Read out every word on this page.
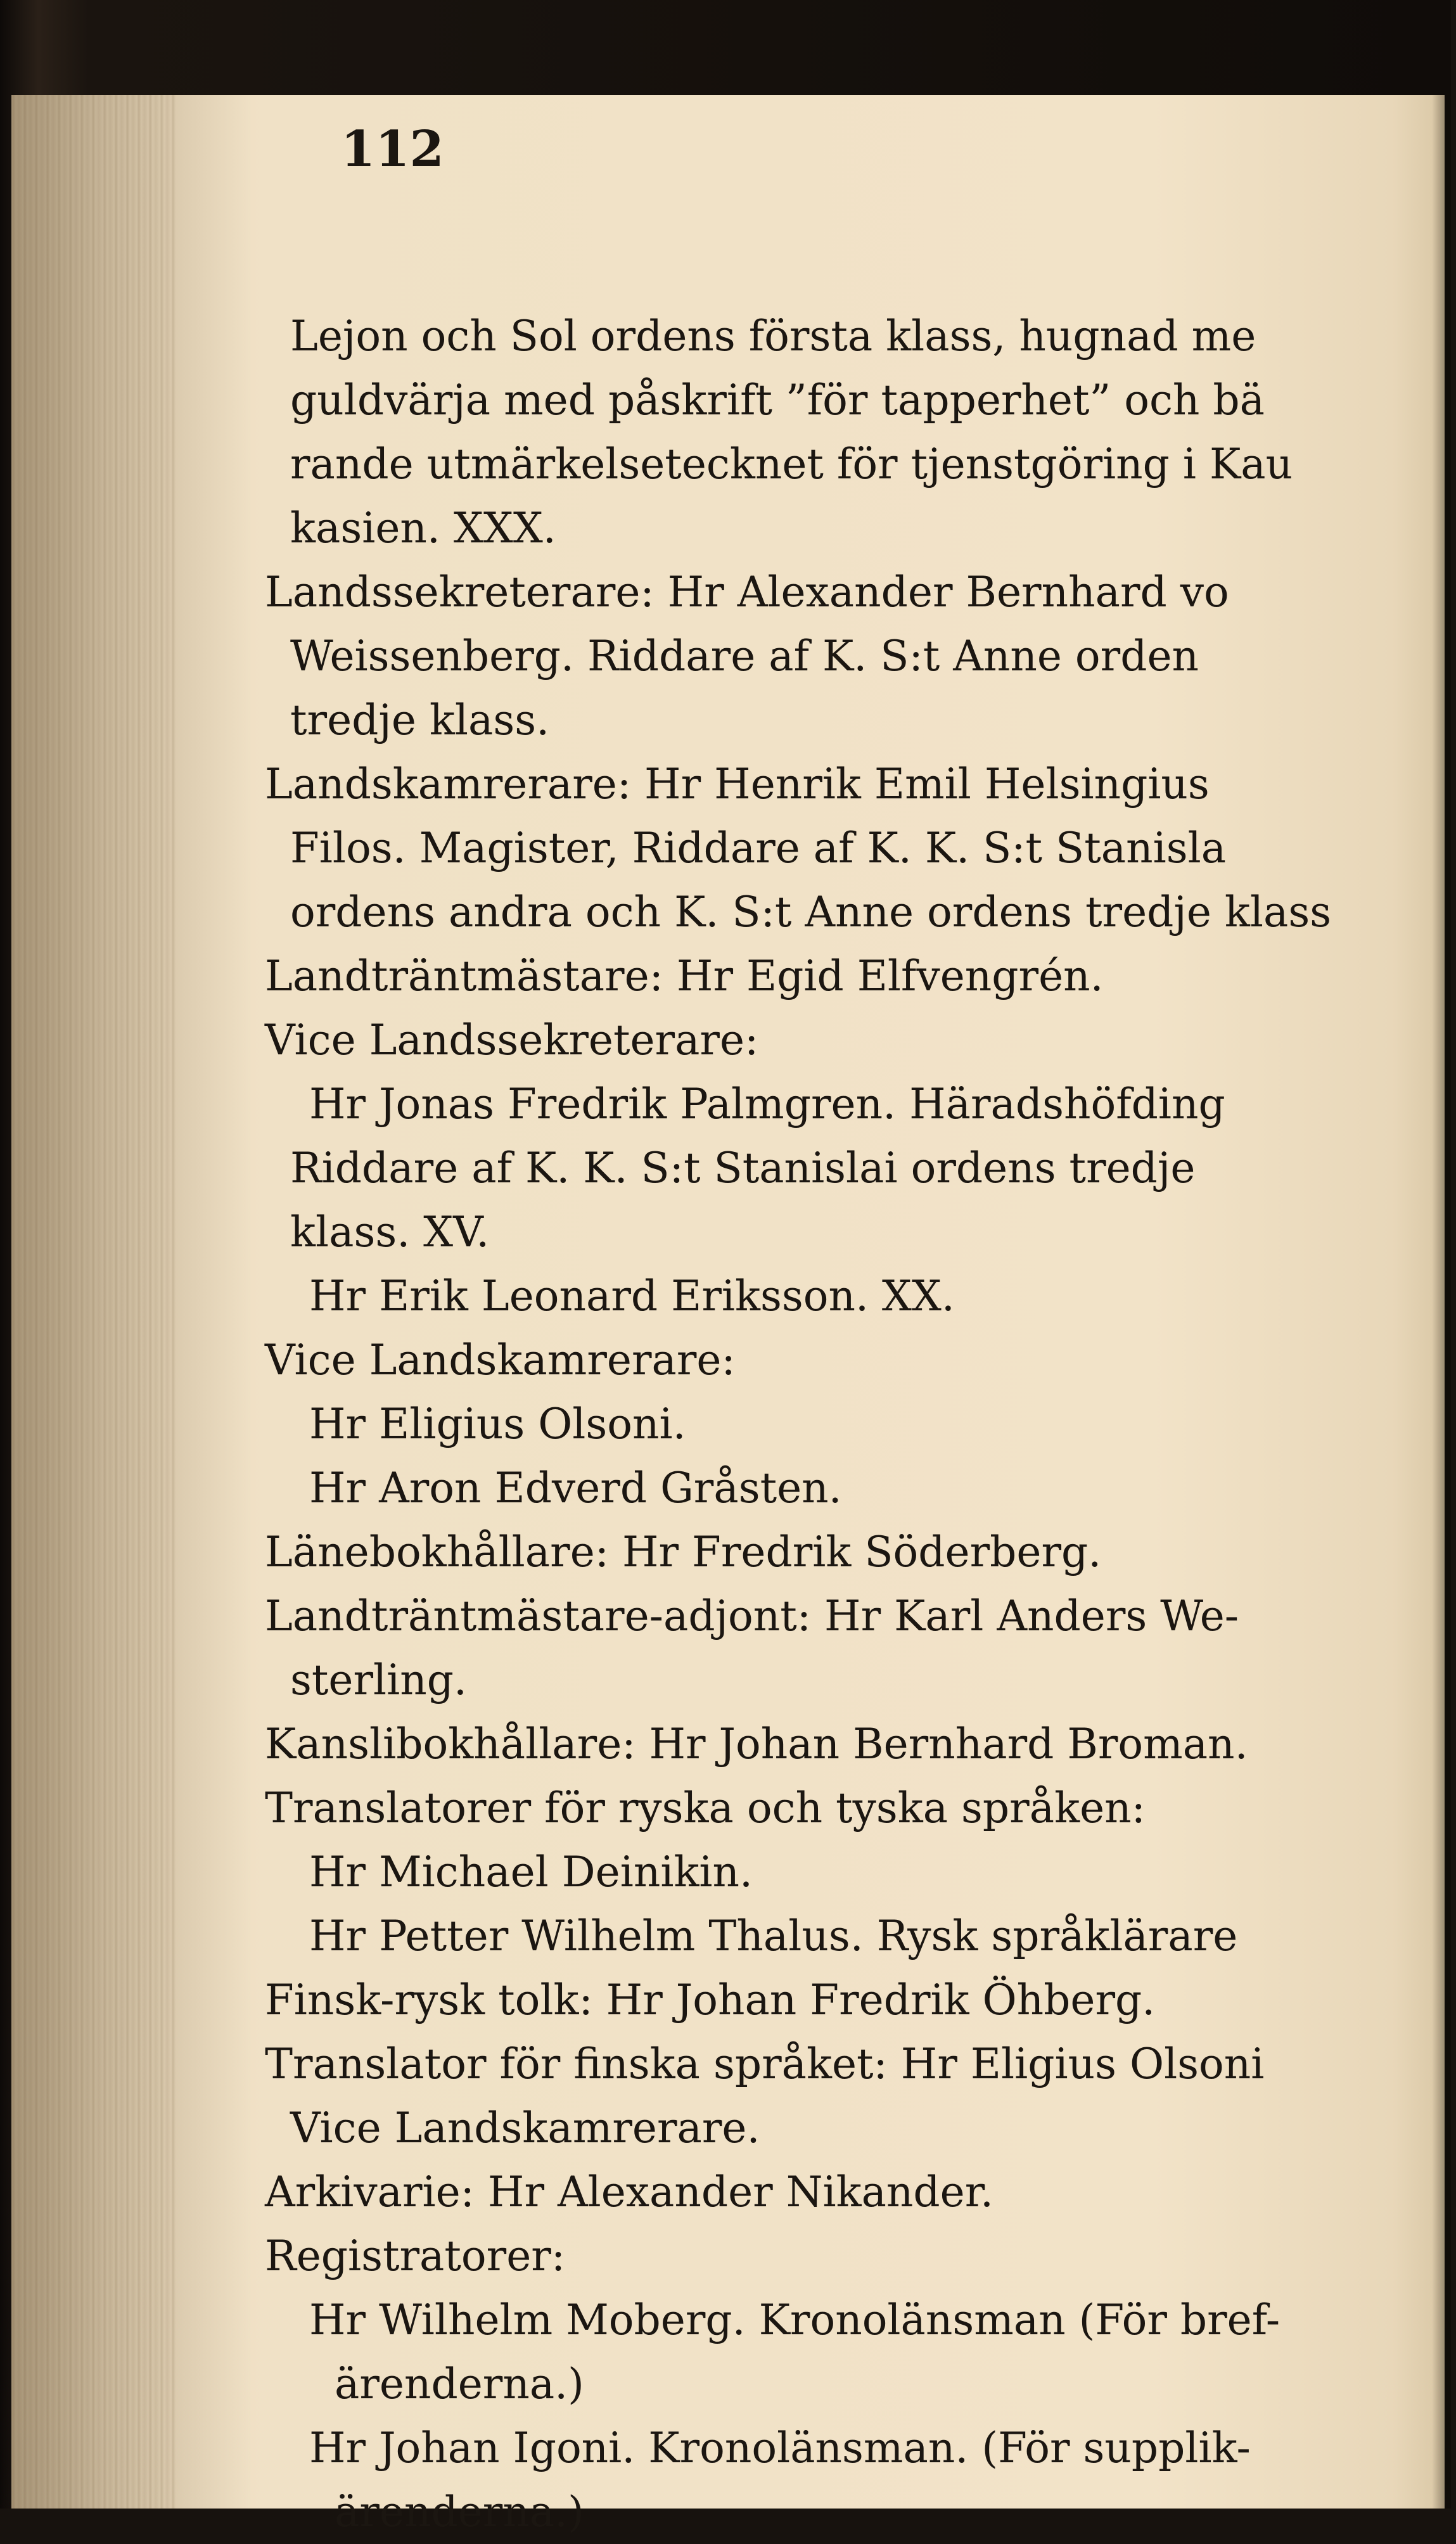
112
Lejon och Sol ordens första klass, hugnad me
guldvärja med påskrift ”för tapperhet” och bä
rande utmärkelsetecknet för tjenstgöring i Kau
kasien. XXX.
Landssekreterare: Hr Alexander Bernhard vo
Weissenberg. Riddare af K. S:t Anne orden
tredje klass.
Landskamrerare: Hr Henrik Emil Helsingius
Filos. Magister, Riddare af K. K. S:t Stanisla
ordens andra och K. S:t Anne ordens tredje klass
Landträntmästare: Hr Egid Elfvengrén.
Vice Landssekreterare:
Hr Jonas Fredrik Palmgren. Häradshöfding
Riddare af K. K. S:t Stanislai ordens tredje
klass. XV.
Hr Erik Leonard Eriksson. XX.
Vice Landskamrerare:
Hr Eligius Olsoni.
Hr Aron Edverd Gråsten.
Länebokhållare: Hr Fredrik Söderberg.
Landträntmästare-adjont: Hr Karl Anders We-
sterling.
Kanslibokhållare: Hr Johan Bernhard Broman.
Translatorer för ryska och tyska språken:
Hr Michael Deinikin.
Hr Petter Wilhelm Thalus. Rysk språklärare
Finsk-rysk tolk: Hr Johan Fredrik Öhberg.
Translator för finska språket: Hr Eligius Olsoni
Vice Landskamrerare.
Arkivarie: Hr Alexander Nikander.
Registratorer:
Hr Wilhelm Moberg. Kronolänsman (För bref-
ärenderna.)
Hr Johan Igoni. Kronolänsman. (För supplik-
ärenderna.)
